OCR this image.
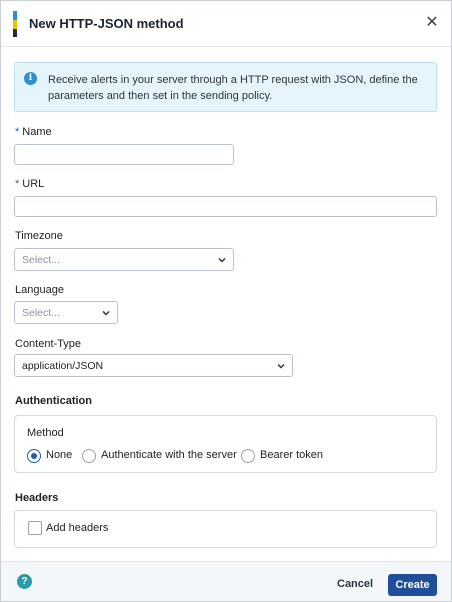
New HTTP-JSON method	✕
i	Receive alerts in your server through a HTTP request with JSON, define the parameters and then set in the sending policy.
* Name
* URL
Timezone
Select...
Language
Select...
Content-Type
application/JSON
Authentication
Method
None	Authenticate with the server Bearer token
Headers
Add headers
?	Cancel	Create
